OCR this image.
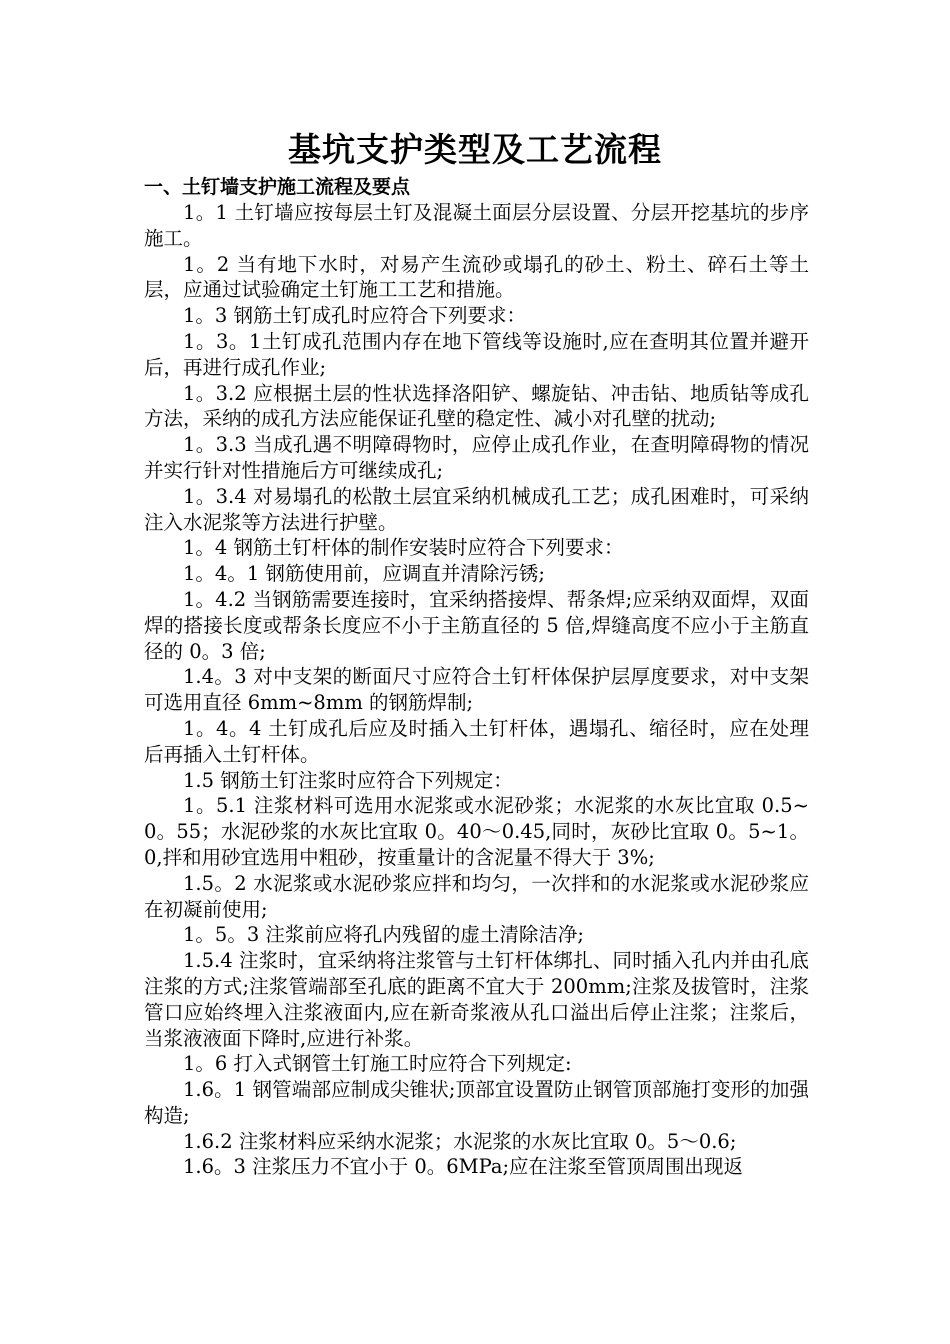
基坑支护类型及工艺流程
一、土钉墙支护施工流程及要点

1。1 土钉墙应按每层土钉及混凝土面层分层设置、分层开挖基坑的步序施工。

1。2 当有地下水时，对易产生流砂或塌孔的砂土、粉土、碎石土等土层，应通过试验确定土钉施工工艺和措施。

1。3 钢筋土钉成孔时应符合下列要求：

1。3。1土钉成孔范围内存在地下管线等设施时,应在查明其位置并避开后，再进行成孔作业;

1。3.2 应根据土层的性状选择洛阳铲、螺旋钻、冲击钻、地质钻等成孔方法，采纳的成孔方法应能保证孔壁的稳定性、减小对孔壁的扰动;

1。3.3 当成孔遇不明障碍物时，应停止成孔作业，在查明障碍物的情况并实行针对性措施后方可继续成孔;

1。3.4 对易塌孔的松散土层宜采纳机械成孔工艺；成孔困难时，可采纳注入水泥浆等方法进行护壁。

1。4 钢筋土钉杆体的制作安装时应符合下列要求：

1。4。1 钢筋使用前，应调直并清除污锈;

1。4.2 当钢筋需要连接时，宜采纳搭接焊、帮条焊;应采纳双面焊，双面焊的搭接长度或帮条长度应不小于主筋直径的 5 倍,焊缝高度不应小于主筋直径的 0。3 倍;

1.4。3 对中支架的断面尺寸应符合土钉杆体保护层厚度要求，对中支架可选用直径 6mm~8mm 的钢筋焊制;

1。4。4 土钉成孔后应及时插入土钉杆体，遇塌孔、缩径时，应在处理后再插入土钉杆体。

1.5 钢筋土钉注浆时应符合下列规定：

1。5.1 注浆材料可选用水泥浆或水泥砂浆；水泥浆的水灰比宜取 0.5~0。55；水泥砂浆的水灰比宜取 0。40～0.45,同时，灰砂比宜取 0。5~1。0,拌和用砂宜选用中粗砂，按重量计的含泥量不得大于 3%;

1.5。2 水泥浆或水泥砂浆应拌和均匀，一次拌和的水泥浆或水泥砂浆应在初凝前使用;

1。5。3 注浆前应将孔内残留的虚土清除洁净;

1.5.4 注浆时，宜采纳将注浆管与土钉杆体绑扎、同时插入孔内并由孔底注浆的方式;注浆管端部至孔底的距离不宜大于 200mm;注浆及拔管时，注浆管口应始终埋入注浆液面内,应在新奇浆液从孔口溢出后停止注浆；注浆后，当浆液液面下降时,应进行补浆。

1。6 打入式钢管土钉施工时应符合下列规定:

1.6。1 钢管端部应制成尖锥状;顶部宜设置防止钢管顶部施打变形的加强构造;

1.6.2 注浆材料应采纳水泥浆；水泥浆的水灰比宜取 0。5～0.6;

1.6。3 注浆压力不宜小于 0。6MPa;应在注浆至管顶周围出现返
